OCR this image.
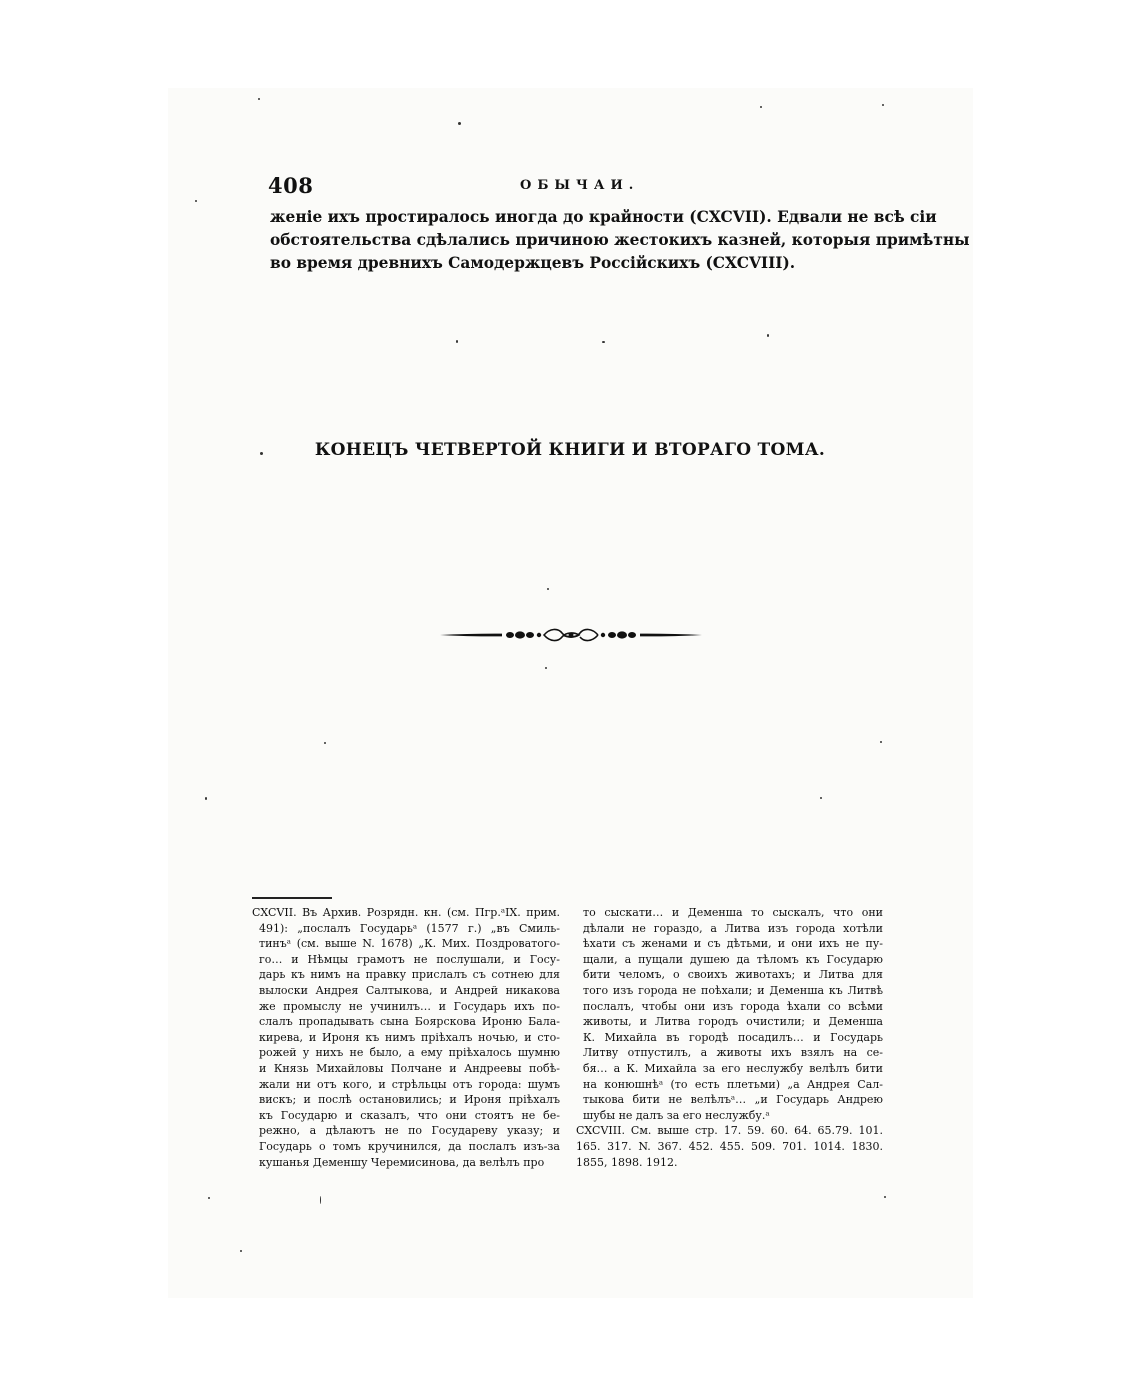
408	ОБЫЧАИ.
женіе ихъ простиралось иногда до крайности (CXCVII). Едвали не всѣ сіи
обстоятельства сдѣлались причиною жестокихъ казней, которыя примѣтны
во время древнихъ Самодержцевъ Россійскихъ (CXCVIII).
КОНЕЦЪ ЧЕТВЕРТОЙ КНИГИ И ВТОРАГО ТОМА.
CXCVII. Въ Архив. Розрядн. кн. (см. Пгр.ᵃIX. прим.
491): „послалъ Государьᵃ (1577 г.) „въ Смиль-
тинъᵃ (см. выше N. 1678) „К. Мих. Поздроватого-
го… и Нѣмцы грамотъ не послушали, и Госу-
дарь къ нимъ на правку прислалъ съ сотнею для
вылоски Андрея Салтыкова, и Андрей никакова
же промыслу не учинилъ… и Государь ихъ по-
слалъ пропадывать сына Боярскова Ироню Бала-
кирева, и Ироня къ нимъ пріѣхалъ ночью, и сто-
рожей у нихъ не было, а ему пріѣхалось шумню
и Князь Михайловы Полчане и Андреевы побѣ-
жали ни отъ кого, и стрѣльцы отъ города: шумъ
вискъ; и послѣ остановились; и Ироня пріѣхалъ
къ Государю и сказалъ, что они стоятъ не бе-
режно, а дѣлаютъ не по Государеву указу; и
Государь о томъ кручинился, да послалъ изъ-за
кушанья Деменшу Черемисинова, да велѣлъ про
то сыскати… и Деменша то сыскалъ, что они
дѣлали не гораздо, а Литва изъ города хотѣли
ѣхати съ женами и съ дѣтьми, и они ихъ не пу-
щали, а пущали душею да тѣломъ къ Государю
бити челомъ, о своихъ животахъ; и Литва для
того изъ города не поѣхали; и Деменша къ Литвѣ
послалъ, чтобы они изъ города ѣхали со всѣми
животы, и Литва городъ очистили; и Деменша
К. Михайла въ городѣ посадилъ… и Государь
Литву отпустилъ, а животы ихъ взялъ на се-
бя… а К. Михайла за его неслужбу велѣлъ бити
на конюшнѣᵃ (то есть плетьми) „а Андрея Сал-
тыкова бити не велѣлъᵃ… „и Государь Андрею
шубы не далъ за его неслужбу.ᵃ
CXCVIII. См. выше стр. 17. 59. 60. 64. 65.79. 101.
165. 317. N. 367. 452. 455. 509. 701. 1014. 1830.
1855, 1898. 1912.
